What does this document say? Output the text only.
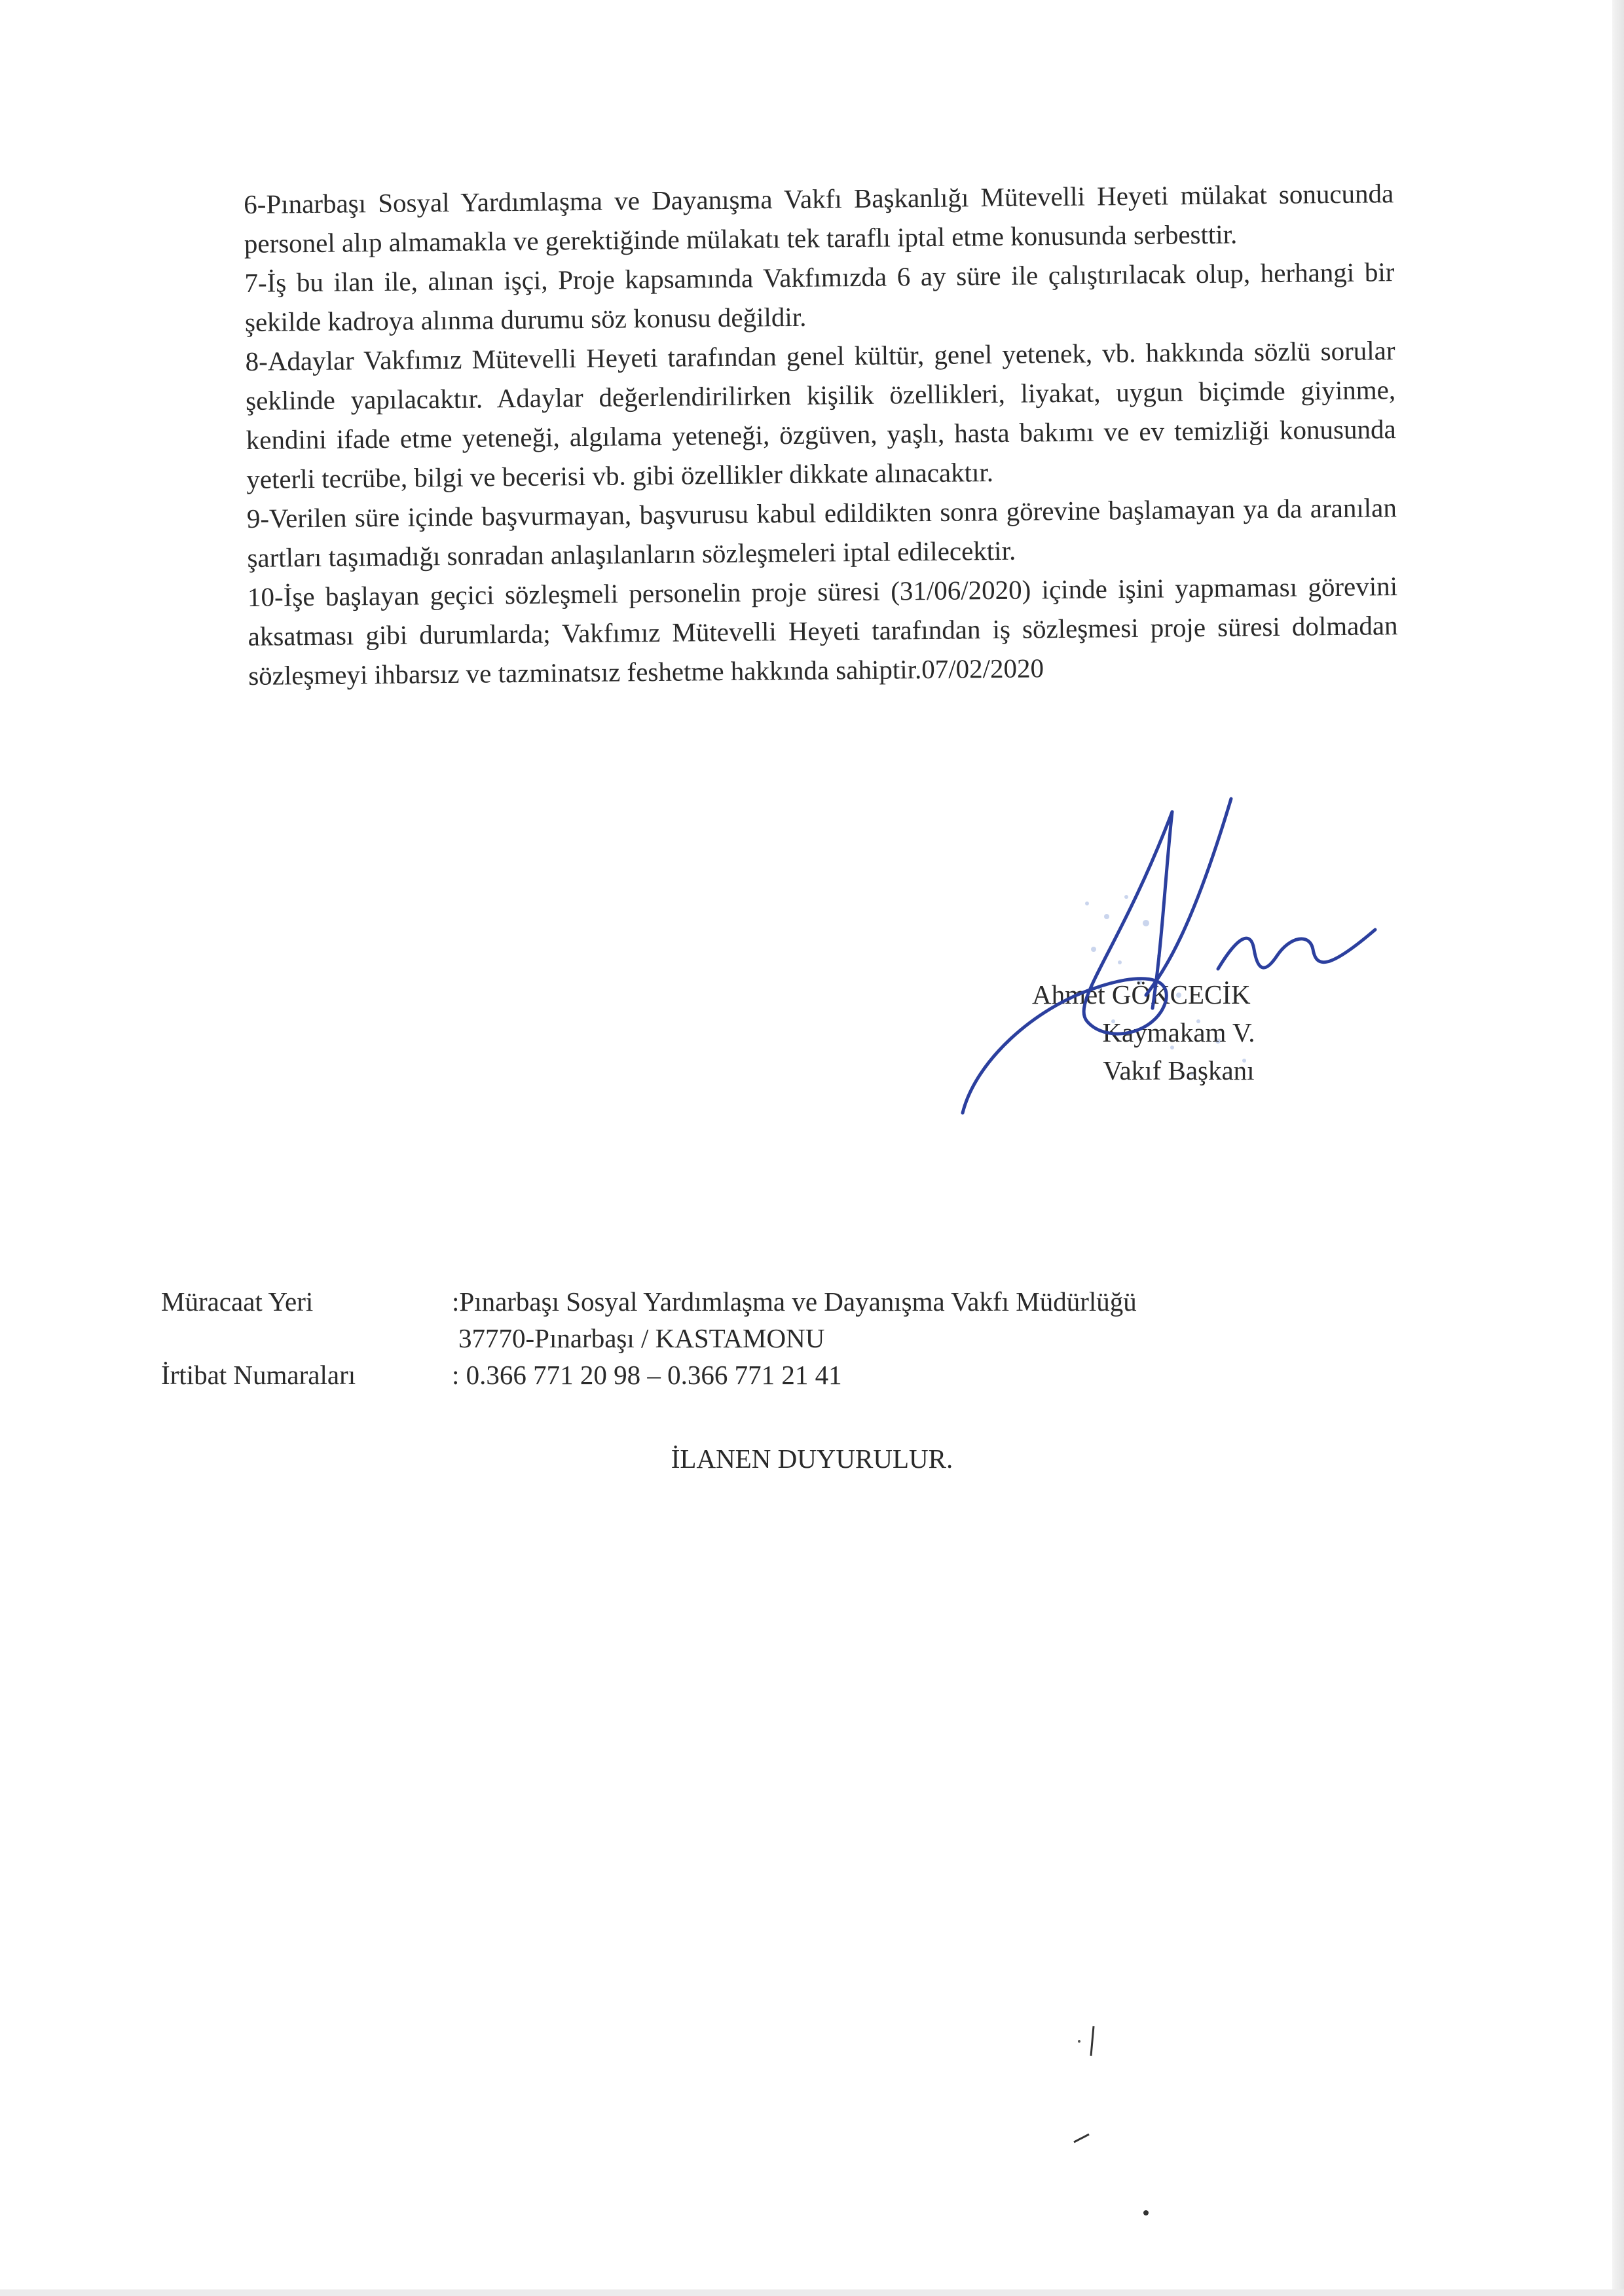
6-Pınarbaşı Sosyal Yardımlaşma ve Dayanışma Vakfı Başkanlığı Mütevelli Heyeti mülakat sonucunda personel alıp almamakla ve gerektiğinde mülakatı tek taraflı iptal etme konusunda serbesttir.

7-İş bu ilan ile, alınan işçi, Proje kapsamında Vakfımızda 6 ay süre ile çalıştırılacak olup, herhangi bir şekilde kadroya alınma durumu söz konusu değildir.

8-Adaylar Vakfımız Mütevelli Heyeti tarafından genel kültür, genel yetenek, vb. hakkında sözlü sorular şeklinde yapılacaktır. Adaylar değerlendirilirken kişilik özellikleri, liyakat, uygun biçimde giyinme, kendini ifade etme yeteneği, algılama yeteneği, özgüven, yaşlı, hasta bakımı ve ev temizliği konusunda yeterli tecrübe, bilgi ve becerisi vb. gibi özellikler dikkate alınacaktır.

9-Verilen süre içinde başvurmayan, başvurusu kabul edildikten sonra görevine başlamayan ya da aranılan şartları taşımadığı sonradan anlaşılanların sözleşmeleri iptal edilecektir.

10-İşe başlayan geçici sözleşmeli personelin proje süresi (31/06/2020) içinde işini yapmaması görevini aksatması gibi durumlarda; Vakfımız Mütevelli Heyeti tarafından iş sözleşmesi proje süresi dolmadan sözleşmeyi ihbarsız ve tazminatsız feshetme hakkında sahiptir.07/02/2020

Ahmet GÖKCECİK
Kaymakam V.
Vakıf Başkanı
Müracaat Yeri	:Pınarbaşı Sosyal Yardımlaşma ve Dayanışma Vakfı Müdürlüğü
37770-Pınarbaşı / KASTAMONU
İrtibat Numaraları	: 0.366 771 20 98 – 0.366 771 21 41
İLANEN DUYURULUR.
